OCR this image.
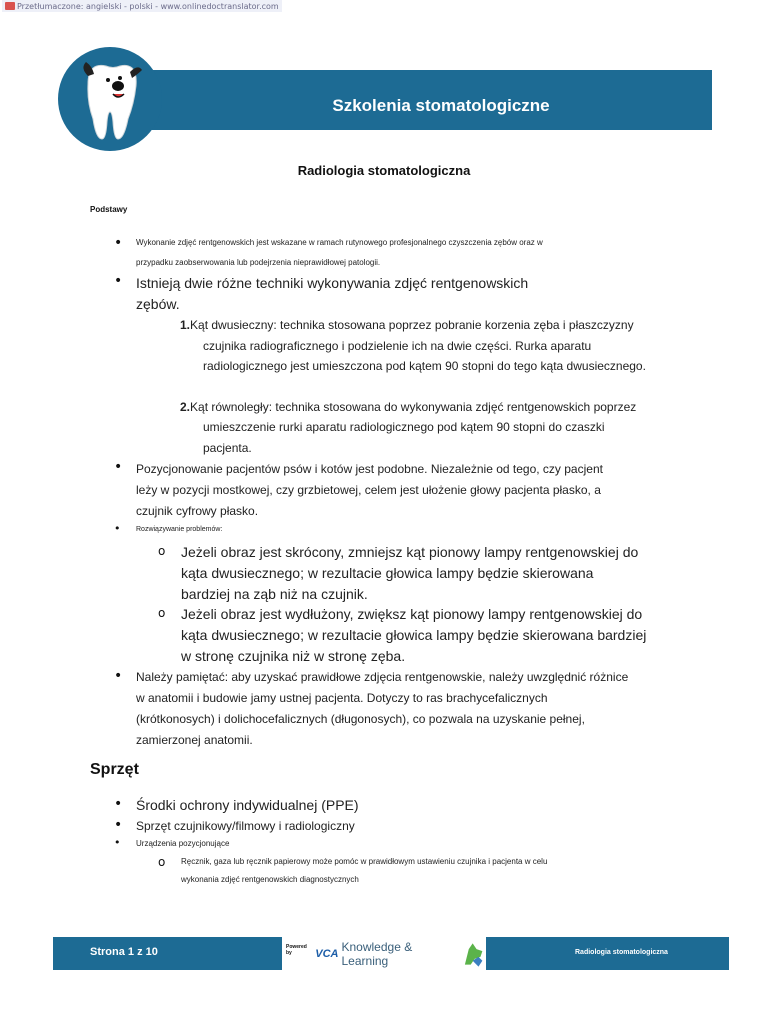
Przetłumaczone: angielski - polski - www.onlinedoctranslator.com
Szkolenia stomatologiczne
Radiologia stomatologiczna
Podstawy
• Wykonanie zdjęć rentgenowskich jest wskazane w ramach rutynowego profesjonalnego czyszczenia zębów oraz w
przypadku zaobserwowania lub podejrzenia nieprawidłowej patologii.
• Istnieją dwie różne techniki wykonywania zdjęć rentgenowskich
zębów.
1.Kąt dwusieczny: technika stosowana poprzez pobranie korzenia zęba i płaszczyzny
czujnika radiograficznego i podzielenie ich na dwie części. Rurka aparatu
radiologicznego jest umieszczona pod kątem 90 stopni do tego kąta dwusiecznego.
2.Kąt równoległy: technika stosowana do wykonywania zdjęć rentgenowskich poprzez
umieszczenie rurki aparatu radiologicznego pod kątem 90 stopni do czaszki
pacjenta.
• Pozycjonowanie pacjentów psów i kotów jest podobne. Niezależnie od tego, czy pacjent
leży w pozycji mostkowej, czy grzbietowej, celem jest ułożenie głowy pacjenta płasko, a
czujnik cyfrowy płasko.
• Rozwiązywanie problemów:
o Jeżeli obraz jest skrócony, zmniejsz kąt pionowy lampy rentgenowskiej do
kąta dwusiecznego; w rezultacie głowica lampy będzie skierowana
bardziej na ząb niż na czujnik.
o Jeżeli obraz jest wydłużony, zwiększ kąt pionowy lampy rentgenowskiej do
kąta dwusiecznego; w rezultacie głowica lampy będzie skierowana bardziej
w stronę czujnika niż w stronę zęba.
• Należy pamiętać: aby uzyskać prawidłowe zdjęcia rentgenowskie, należy uwzględnić różnice
w anatomii i budowie jamy ustnej pacjenta. Dotyczy to ras brachycefalicznych
(krótkonosych) i dolichocefalicznych (długonosych), co pozwala na uzyskanie pełnej,
zamierzonej anatomii.
Sprzęt
• Środki ochrony indywidualnej (PPE)
• Sprzęt czujnikowy/filmowy i radiologiczny
• Urządzenia pozycjonujące
o Ręcznik, gaza lub ręcznik papierowy może pomóc w prawidłowym ustawieniu czujnika i pacjenta w celu
wykonania zdjęć rentgenowskich diagnostycznych
Strona 1 z 10	Powered by	VCA Knowledge & Learning
Radiologia stomatologiczna
